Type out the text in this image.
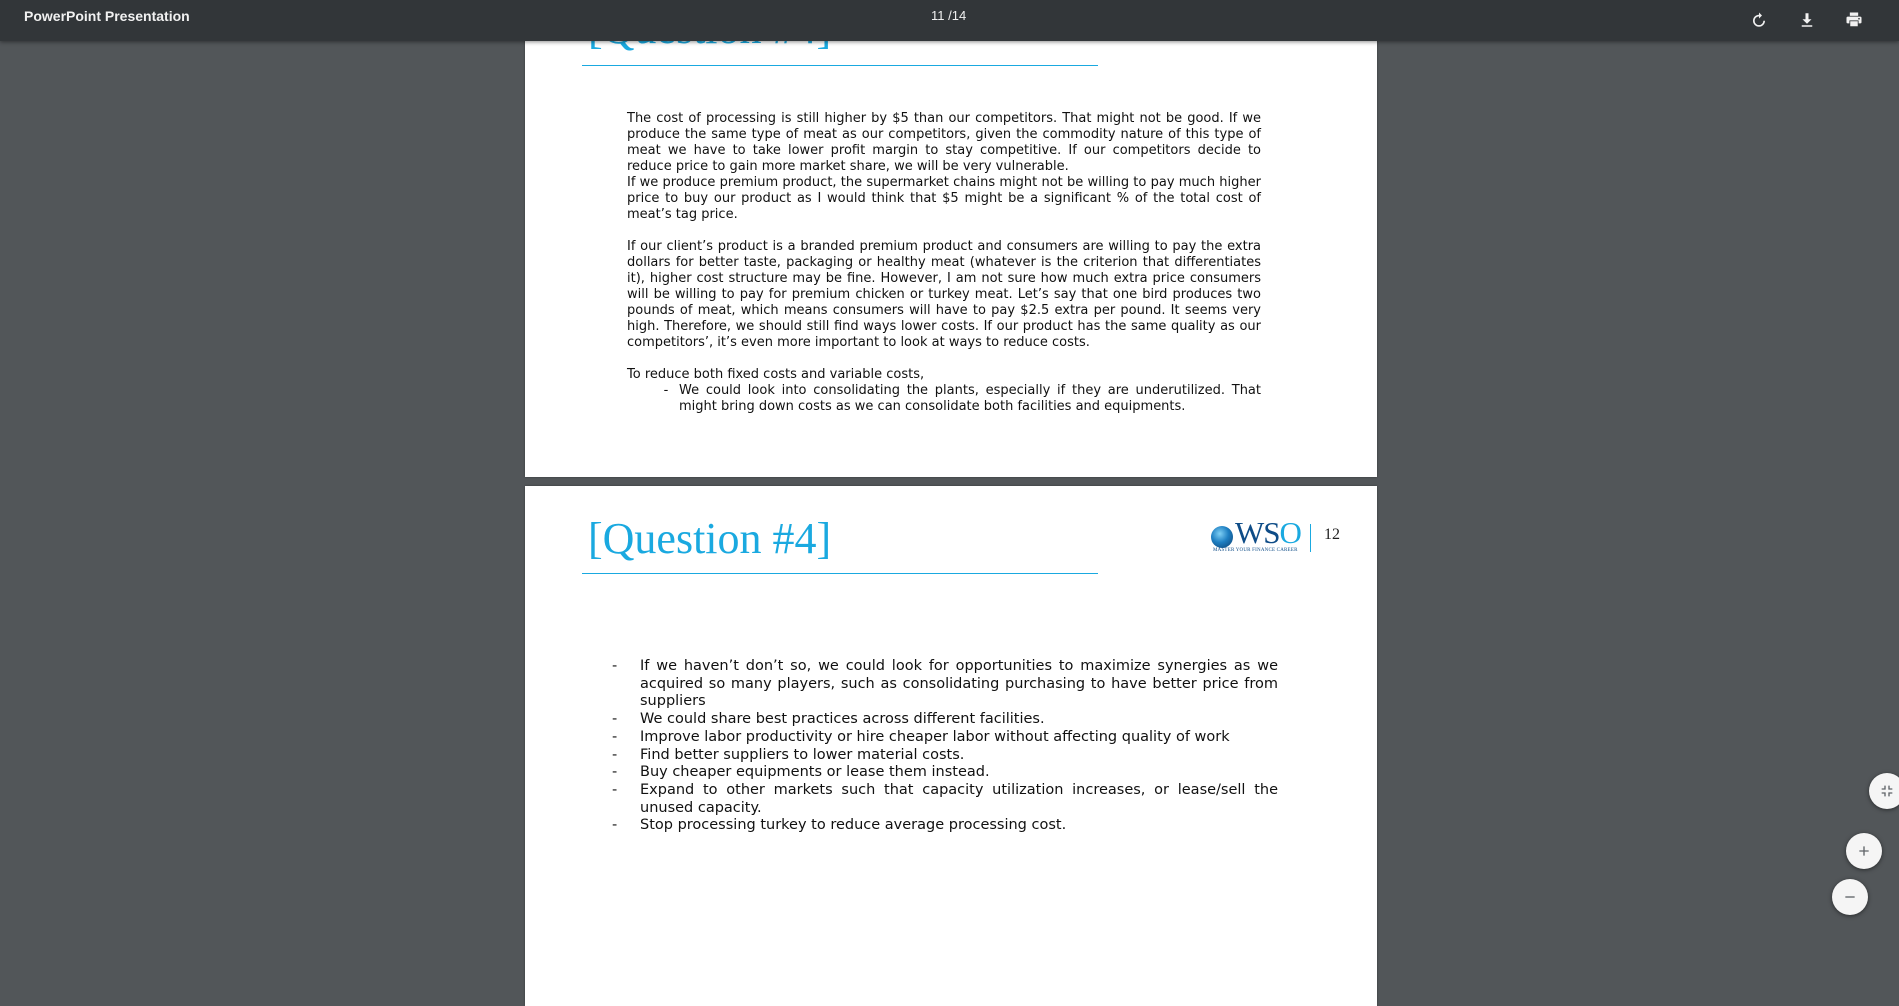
PowerPoint Presentation	11 /14

The cost of processing is still higher by $5 than our competitors. That might not be good. If we produce the same type of meat as our competitors, given the commodity nature of this type of meat we have to take lower profit margin to stay competitive. If our competitors decide to reduce price to gain more market share, we will be very vulnerable.

If we produce premium product, the supermarket chains might not be willing to pay much higher price to buy our product as I would think that $5 might be a significant % of the total cost of meat’s tag price.

If our client’s product is a branded premium product and consumers are willing to pay the extra dollars for better taste, packaging or healthy meat (whatever is the criterion that differentiates it), higher cost structure may be fine. However, I am not sure how much extra price consumers will be willing to pay for premium chicken or turkey meat. Let’s say that one bird produces two pounds of meat, which means consumers will have to pay $2.5 extra per pound. It seems very high. Therefore, we should still find ways lower costs. If our product has the same quality as our competitors’, it’s even more important to look at ways to reduce costs.

To reduce both fixed costs and variable costs,

- We could look into consolidating the plants, especially if they are underutilized. That might bring down costs as we can consolidate both facilities and equipments.
[Question #4]	WSO
MASTER YOUR FINANCE CAREER
12
-	If we haven’t don’t so, we could look for opportunities to maximize synergies as we acquired so many players, such as consolidating purchasing to have better price from suppliers
-	We could share best practices across different facilities.
-	Improve labor productivity or hire cheaper labor without affecting quality of work
-	Find better suppliers to lower material costs.
-	Buy cheaper equipments or lease them instead.
-	Expand to other markets such that capacity utilization increases, or lease/sell the unused capacity.
-	Stop processing turkey to reduce average processing cost.
